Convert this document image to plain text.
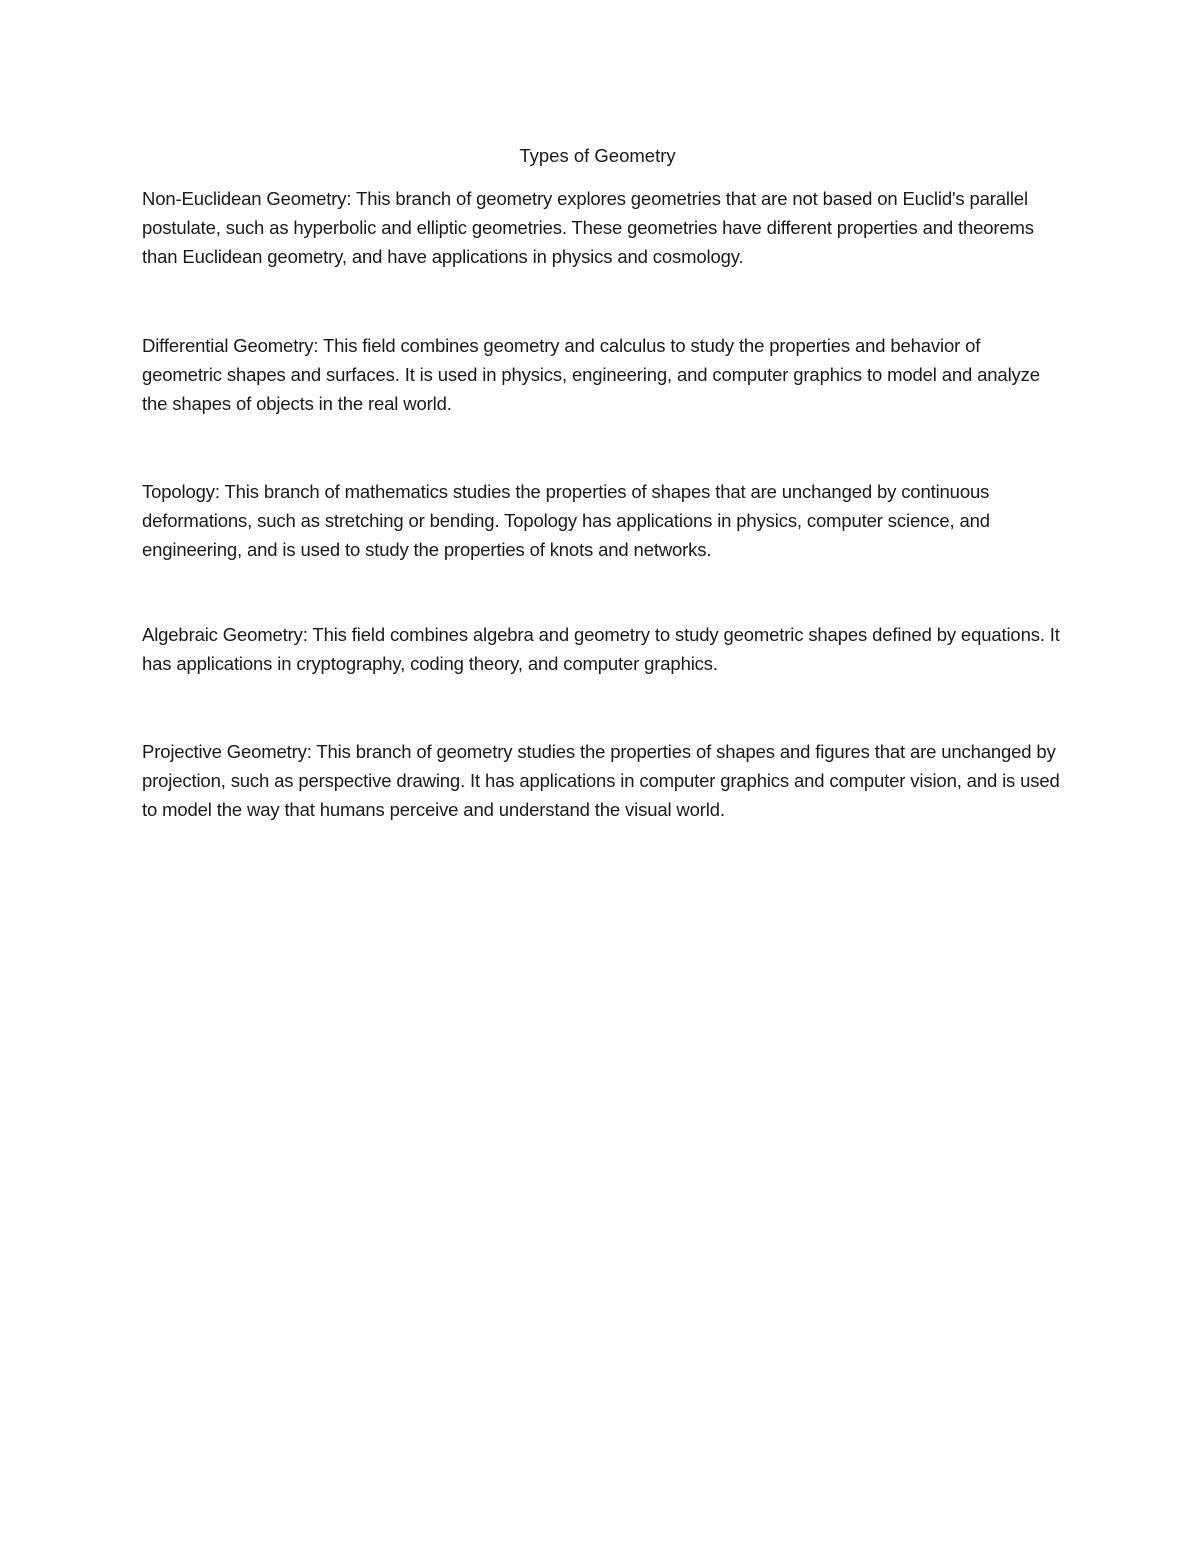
Types of Geometry

Non-Euclidean Geometry: This branch of geometry explores geometries that are not based on Euclid's parallel postulate, such as hyperbolic and elliptic geometries. These geometries have different properties and theorems than Euclidean geometry, and have applications in physics and cosmology.

Differential Geometry: This field combines geometry and calculus to study the properties and behavior of geometric shapes and surfaces. It is used in physics, engineering, and computer graphics to model and analyze the shapes of objects in the real world.

Topology: This branch of mathematics studies the properties of shapes that are unchanged by continuous deformations, such as stretching or bending. Topology has applications in physics, computer science, and engineering, and is used to study the properties of knots and networks.

Algebraic Geometry: This field combines algebra and geometry to study geometric shapes defined by equations. It has applications in cryptography, coding theory, and computer graphics.

Projective Geometry: This branch of geometry studies the properties of shapes and figures that are unchanged by projection, such as perspective drawing. It has applications in computer graphics and computer vision, and is used to model the way that humans perceive and understand the visual world.
